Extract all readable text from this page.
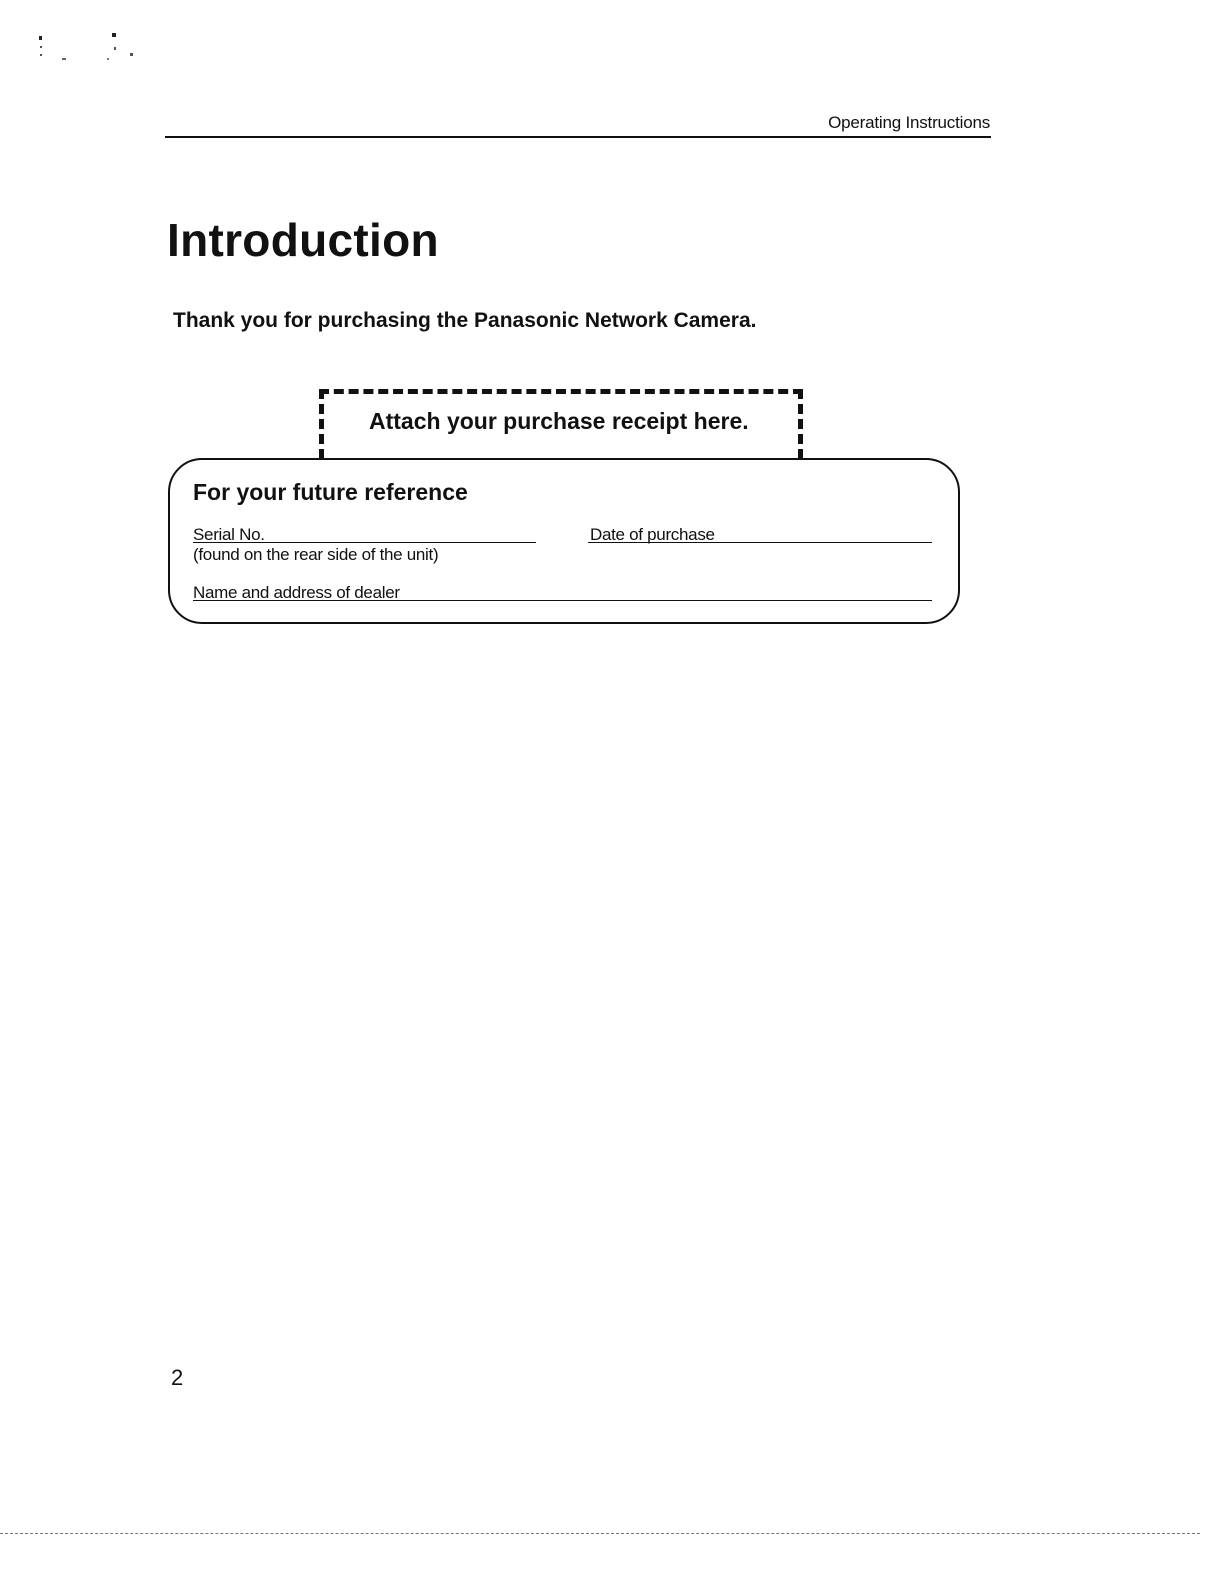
Operating Instructions
Introduction

Thank you for purchasing the Panasonic Network Camera.

Attach your purchase receipt here.
For your future reference
Serial No.
(found on the rear side of the unit)
Date of purchase
Name and address of dealer
2
